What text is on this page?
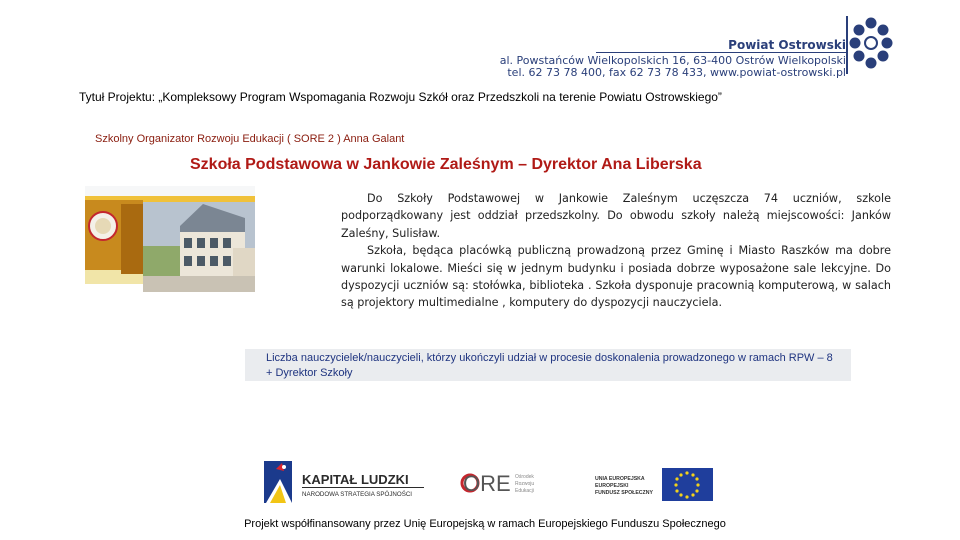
Powiat Ostrowski
al. Powstańców Wielkopolskich 16, 63-400 Ostrów Wielkopolski
tel. 62 73 78 400, fax 62 73 78 433, www.powiat-ostrowski.pl
Tytuł Projektu: „Kompleksowy Program Wspomagania Rozwoju Szkół oraz Przedszkoli na terenie Powiatu Ostrowskiego”
Szkolny Organizator Rozwoju Edukacji ( SORE 2 ) Anna Galant
Szkoła Podstawowa w Jankowie Zaleśnym – Dyrektor Ana Liberska

Do Szkoły Podstawowej w Jankowie Zaleśnym uczęszcza 74 uczniów, szkole podporządkowany jest oddział przedszkolny. Do obwodu szkoły należą miejscowości: Janków Zaleśny, Sulisław.

Szkoła, będąca placówką publiczną prowadzoną przez Gminę i Miasto Raszków ma dobre warunki lokalowe. Mieści się w jednym budynku i posiada dobrze wyposażone sale lekcyjne. Do dyspozycji uczniów są: stołówka, biblioteka . Szkoła dysponuje pracownią komputerową, w salach są projektory multimedialne , komputery do dyspozycji nauczyciela.

Liczba nauczycielek/nauczycieli, którzy ukończyli udział w procesie doskonalenia prowadzonego w ramach RPW – 8 + Dyrektor Szkoły
KAPITAŁ LUDZKI
NARODOWA STRATEGIA SPÓJNOŚCI ORE Ośrodek
Rozwoju
Edukacji
UNIA EUROPEJSKA
EUROPEJSKI
FUNDUSZ SPOŁECZNY
Projekt współfinansowany przez Unię Europejską w ramach Europejskiego Funduszu Społecznego
